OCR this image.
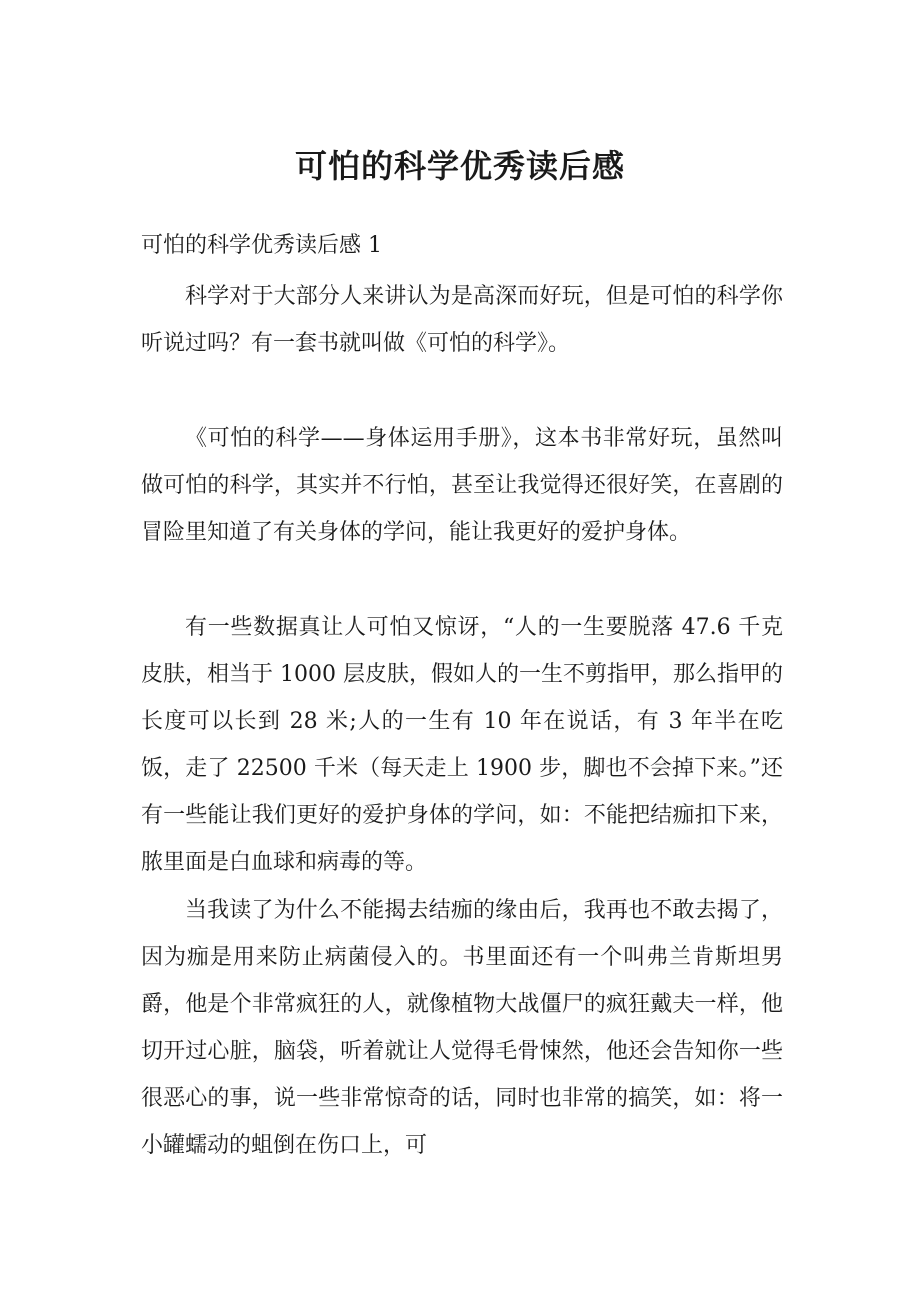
可怕的科学优秀读后感

可怕的科学优秀读后感 1

科学对于大部分人来讲认为是高深而好玩，但是可怕的科学你听说过吗？有一套书就叫做《可怕的科学》。

《可怕的科学——身体运用手册》，这本书非常好玩，虽然叫做可怕的科学，其实并不行怕，甚至让我觉得还很好笑，在喜剧的冒险里知道了有关身体的学问，能让我更好的爱护身体。

有一些数据真让人可怕又惊讶，“人的一生要脱落 47.6 千克皮肤，相当于 1000 层皮肤，假如人的一生不剪指甲，那么指甲的长度可以长到 28 米;人的一生有 10 年在说话，有 3 年半在吃饭，走了 22500 千米（每天走上 1900 步，脚也不会掉下来。”还有一些能让我们更好的爱护身体的学问，如：不能把结痂扣下来，脓里面是白血球和病毒的等。

当我读了为什么不能揭去结痂的缘由后，我再也不敢去揭了，因为痂是用来防止病菌侵入的。书里面还有一个叫弗兰肯斯坦男爵，他是个非常疯狂的人，就像植物大战僵尸的疯狂戴夫一样，他切开过心脏，脑袋，听着就让人觉得毛骨悚然，他还会告知你一些很恶心的事，说一些非常惊奇的话，同时也非常的搞笑，如：将一小罐蠕动的蛆倒在伤口上，可
